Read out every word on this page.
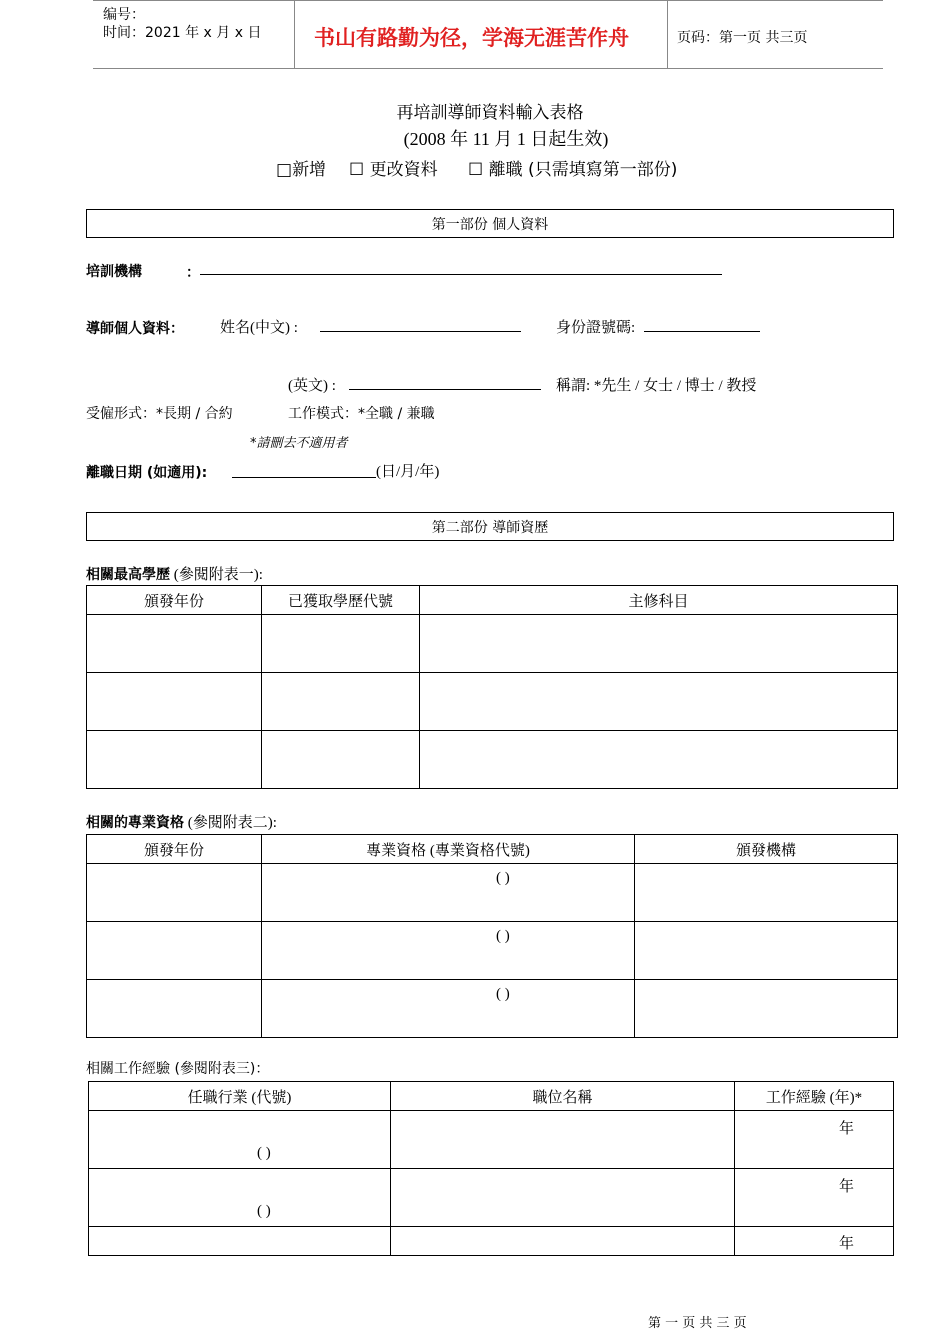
编号：
时间：2021 年 x 月 x 日	书山有路勤为径，学海无涯苦作舟	页码：第一页 共三页
再培訓導師資料輸入表格
(2008 年 11 月 1 日起生效)
□新增 ☐ 更改資料 ☐ 離職 (只需填寫第一部份)
第一部份 個人資料
培訓機構	：
導師個人資料： 姓名(中文) :	身份證號碼:
(英文) :	稱謂: *先生 / 女士 / 博士 / 教授
受僱形式：*長期 / 合約	工作模式：*全職 / 兼職
*請刪去不適用者
離職日期 (如適用):	(日/月/年)
第二部份 導師資歷
相關最高學歷 (參閱附表一):
頒發年份	已獲取學歷代號	主修科目

相關的專業資格 (參閱附表二):
頒發年份	專業資格 (專業資格代號)	頒發機構

	( )	

	( )	

	( )	

相關工作經驗 (參閱附表三)：
任職行業 (代號)	職位名稱	工作經驗 (年)*

( )		年

( )		年

		年
第 一 页 共 三 页
